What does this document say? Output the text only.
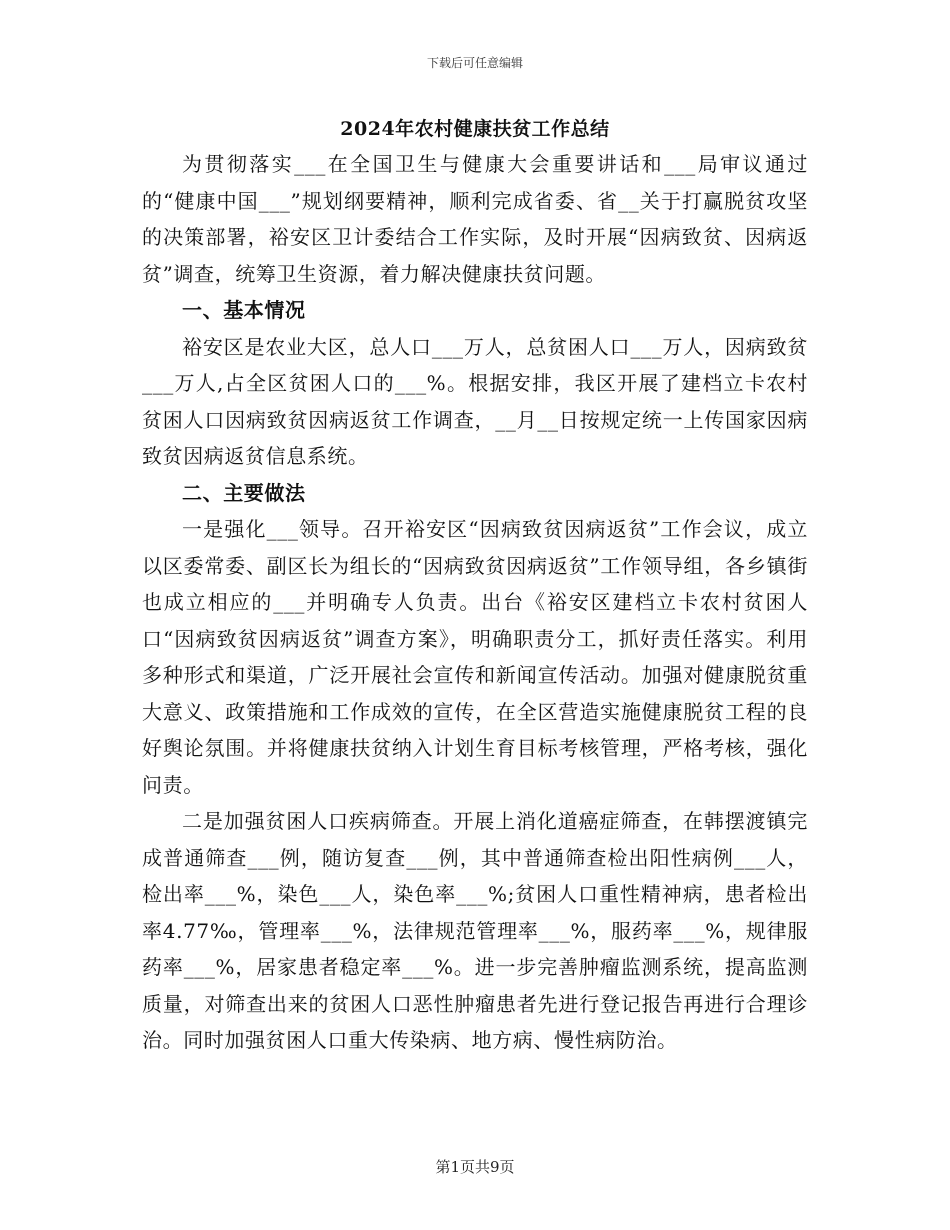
下载后可任意编辑
2024年农村健康扶贫工作总结

为贯彻落实___在全国卫生与健康大会重要讲话和___局审议通过的“健康中国___”规划纲要精神，顺利完成省委、省__关于打赢脱贫攻坚的决策部署，裕安区卫计委结合工作实际，及时开展“因病致贫、因病返贫”调查，统筹卫生资源，着力解决健康扶贫问题。

一、基本情况

裕安区是农业大区，总人口___万人，总贫困人口___万人，因病致贫___万人,占全区贫困人口的___%。根据安排，我区开展了建档立卡农村贫困人口因病致贫因病返贫工作调查，__月__日按规定统一上传国家因病致贫因病返贫信息系统。

二、主要做法

一是强化___领导。召开裕安区“因病致贫因病返贫”工作会议，成立以区委常委、副区长为组长的“因病致贫因病返贫”工作领导组，各乡镇街也成立相应的___并明确专人负责。出台《裕安区建档立卡农村贫困人口“因病致贫因病返贫”调查方案》，明确职责分工，抓好责任落实。利用多种形式和渠道，广泛开展社会宣传和新闻宣传活动。加强对健康脱贫重大意义、政策措施和工作成效的宣传，在全区营造实施健康脱贫工程的良好舆论氛围。并将健康扶贫纳入计划生育目标考核管理，严格考核，强化问责。

二是加强贫困人口疾病筛查。开展上消化道癌症筛查，在韩摆渡镇完成普通筛查___例，随访复查___例，其中普通筛查检出阳性病例___人，检出率___%，染色___人，染色率___%;贫困人口重性精神病，患者检出率4.77‰，管理率___%，法律规范管理率___%，服药率___%，规律服药率___%，居家患者稳定率___%。进一步完善肿瘤监测系统，提高监测质量，对筛查出来的贫困人口恶性肿瘤患者先进行登记报告再进行合理诊治。同时加强贫困人口重大传染病、地方病、慢性病防治。

第1页共9页
